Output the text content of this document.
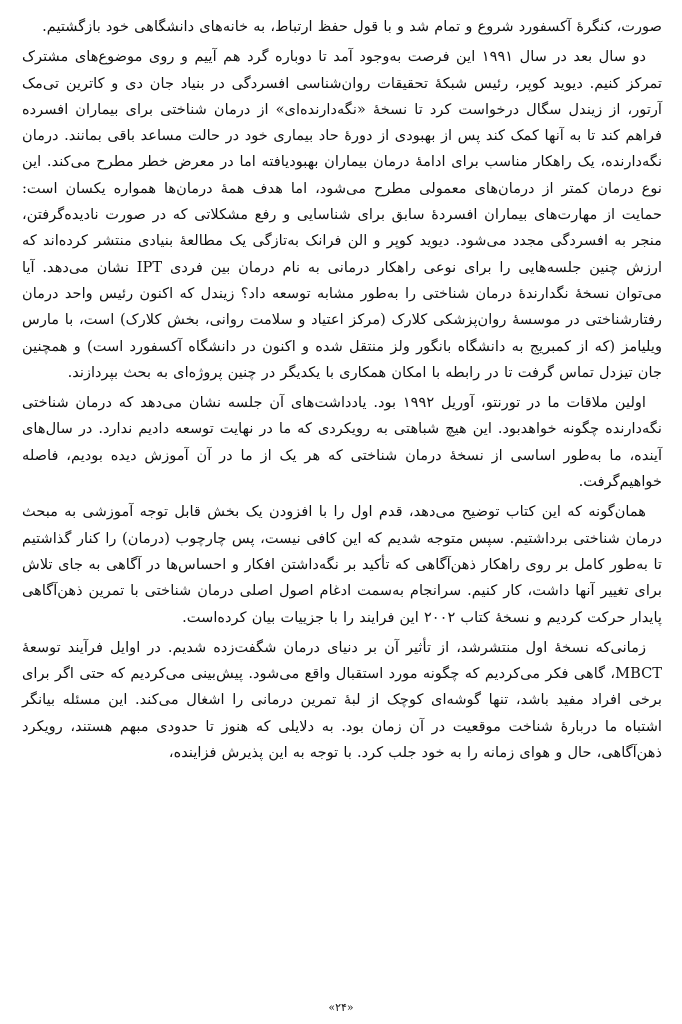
صورت، کنگرهٔ آکسفورد شروع و تمام شد و با قول حفظ ارتباط، به خانه‌های دانشگاهی خود بازگشتیم.

دو سال بعد در سال ۱۹۹۱ این فرصت به‌وجود آمد تا دوباره گرد هم آییم و روی موضوع‌های مشترک تمرکز کنیم. دیوید کوپر، رئیس شبکهٔ تحقیقات روان‌شناسی افسردگی در بنیاد جان دی و کاترین تی‌مک آرتور، از زیندل سگال درخواست کرد تا نسخهٔ «نگه‌دارنده‌ای» از درمان شناختی برای بیماران افسرده فراهم کند تا به آنها کمک کند پس از بهبودی از دورهٔ حاد بیماری خود در حالت مساعد باقی بمانند. درمان نگه‌دارنده، یک راهکار مناسب برای ادامهٔ درمان بیماران بهبودیافته اما در معرض خطر مطرح می‌کند. این نوع درمان کمتر از درمان‌های معمولی مطرح می‌شود، اما هدف همهٔ درمان‌ها همواره یکسان است: حمایت از مهارت‌های بیماران افسردهٔ سابق برای شناسایی و رفع مشکلاتی که در صورت نادیده‌گرفتن، منجر به افسردگی مجدد می‌شود. دیوید کوپر و الن فرانک به‌تازگی یک مطالعهٔ بنیادی منتشر کرده‌اند که ارزش چنین جلسه‌هایی را برای نوعی راهکار درمانی به نام درمان بین فردی IPT نشان می‌دهد. آیا می‌توان نسخهٔ نگدارندهٔ درمان شناختی را به‌طور مشابه توسعه داد؟ زیندل که اکنون رئیس واحد درمان رفتارشناختی در موسسهٔ روان‌پزشکی کلارک (مرکز اعتیاد و سلامت روانی، بخش کلارک) است، با مارس ویلیامز (که از کمبریج به دانشگاه بانگور ولز منتقل شده و اکنون در دانشگاه آکسفورد است) و همچنین جان تیزدل تماس گرفت تا در رابطه با امکان همکاری با یکدیگر در چنین پروژه‌ای به بحث بپردازند.

اولین ملاقات ما در تورنتو، آوریل ۱۹۹۲ بود. یادداشت‌های آن جلسه نشان می‌دهد که درمان شناختی نگه‌دارنده چگونه خواهدبود. این هیچ شباهتی به رویکردی که ما در نهایت توسعه دادیم ندارد. در سال‌های آینده، ما به‌طور اساسی از نسخهٔ درمان شناختی که هر یک از ما در آن آموزش دیده بودیم، فاصله خواهیم‌گرفت.

همان‌گونه که این کتاب توضیح می‌دهد، قدم اول را با افزودن یک بخش قابل توجه آموزشی به مبحث درمان شناختی برداشتیم. سپس متوجه شدیم که این کافی نیست، پس چارچوب (درمان) را کنار گذاشتیم تا به‌طور کامل بر روی راهکار ذهن‌آگاهی که تأکید بر نگه‌داشتن افکار و احساس‌ها در آگاهی به جای تلاش برای تغییر آنها داشت، کار کنیم. سرانجام به‌سمت ادغام اصول اصلی درمان شناختی با تمرین ذهن‌آگاهی پایدار حرکت کردیم و نسخهٔ کتاب ۲۰۰۲ این فرایند را با جزییات بیان کرده‌است.

زمانی‌که نسخهٔ اول منتشرشد، از تأثیر آن بر دنیای درمان شگفت‌زده شدیم. در اوایل فرآیند توسعهٔ MBCT، گاهی فکر می‌کردیم که چگونه مورد استقبال واقع می‌شود. پیش‌بینی می‌کردیم که حتی اگر برای برخی افراد مفید باشد، تنها گوشه‌ای کوچک از لبهٔ تمرین درمانی را اشغال می‌کند. این مسئله بیانگر اشتباه ما دربارهٔ شناخت موقعیت در آن زمان بود. به دلایلی که هنوز تا حدودی مبهم هستند، رویکرد ذهن‌آگاهی، حال و هوای زمانه را به خود جلب کرد. با توجه به این پذیرش فزاینده،

«۲۴»
